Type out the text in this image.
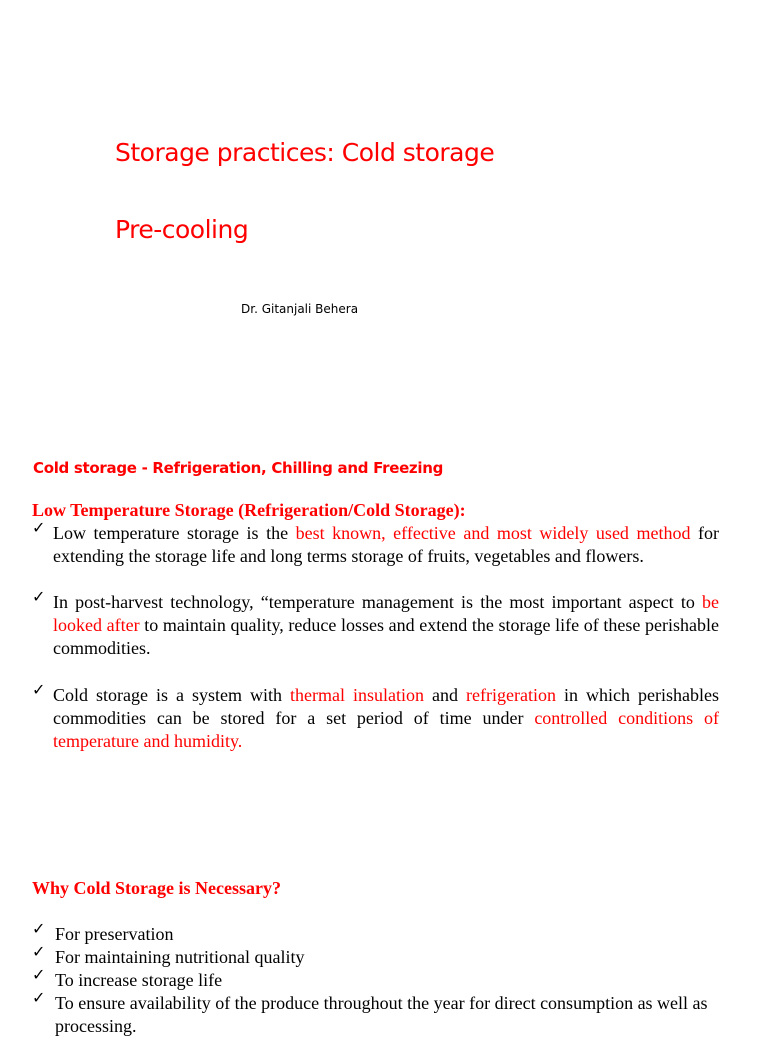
Storage practices: Cold storage
Pre-cooling
Dr. Gitanjali Behera
Cold storage - Refrigeration, Chilling and Freezing
Low Temperature Storage (Refrigeration/Cold Storage):
✓ Low temperature storage is the best known, effective and most widely used method for extending the storage life and long terms storage of fruits, vegetables and flowers.
✓ In post-harvest technology, “temperature management is the most important aspect to be looked after to maintain quality, reduce losses and extend the storage life of these perishable commodities.
✓ Cold storage is a system with thermal insulation and refrigeration in which perishables commodities can be stored for a set period of time under controlled conditions of temperature and humidity.
Why Cold Storage is Necessary?
✓ For preservation
✓ For maintaining nutritional quality
✓ To increase storage life
✓ To ensure availability of the produce throughout the year for direct consumption as well as processing.
